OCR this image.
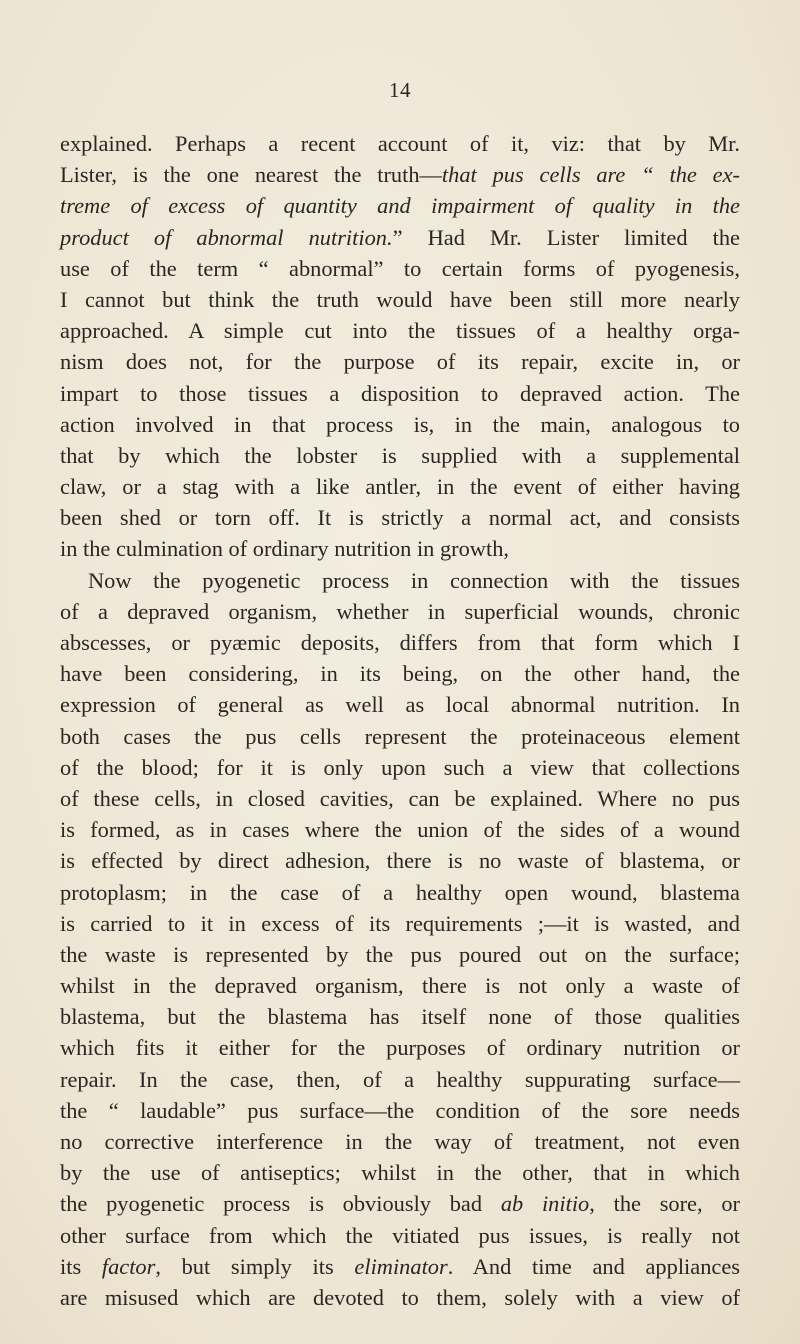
14
explained. Perhaps a recent account of it, viz: that by Mr.
Lister, is the one nearest the truth—that pus cells are “ the ex-
treme of excess of quantity and impairment of quality in the
product of abnormal nutrition.” Had Mr. Lister limited the
use of the term “ abnormal” to certain forms of pyogenesis,
I cannot but think the truth would have been still more nearly
approached. A simple cut into the tissues of a healthy orga-
nism does not, for the purpose of its repair, excite in, or
impart to those tissues a disposition to depraved action. The
action involved in that process is, in the main, analogous to
that by which the lobster is supplied with a supplemental
claw, or a stag with a like antler, in the event of either having
been shed or torn off. It is strictly a normal act, and consists
in the culmination of ordinary nutrition in growth,
Now the pyogenetic process in connection with the tissues
of a depraved organism, whether in superficial wounds, chronic
abscesses, or pyæmic deposits, differs from that form which I
have been considering, in its being, on the other hand, the
expression of general as well as local abnormal nutrition. In
both cases the pus cells represent the proteinaceous element
of the blood; for it is only upon such a view that collections
of these cells, in closed cavities, can be explained. Where no pus
is formed, as in cases where the union of the sides of a wound
is effected by direct adhesion, there is no waste of blastema, or
protoplasm; in the case of a healthy open wound, blastema
is carried to it in excess of its requirements ;—it is wasted, and
the waste is represented by the pus poured out on the surface;
whilst in the depraved organism, there is not only a waste of
blastema, but the blastema has itself none of those qualities
which fits it either for the purposes of ordinary nutrition or
repair. In the case, then, of a healthy suppurating surface—
the “ laudable” pus surface—the condition of the sore needs
no corrective interference in the way of treatment, not even
by the use of antiseptics; whilst in the other, that in which
the pyogenetic process is obviously bad ab initio, the sore, or
other surface from which the vitiated pus issues, is really not
its factor, but simply its eliminator. And time and appliances
are misused which are devoted to them, solely with a view of
